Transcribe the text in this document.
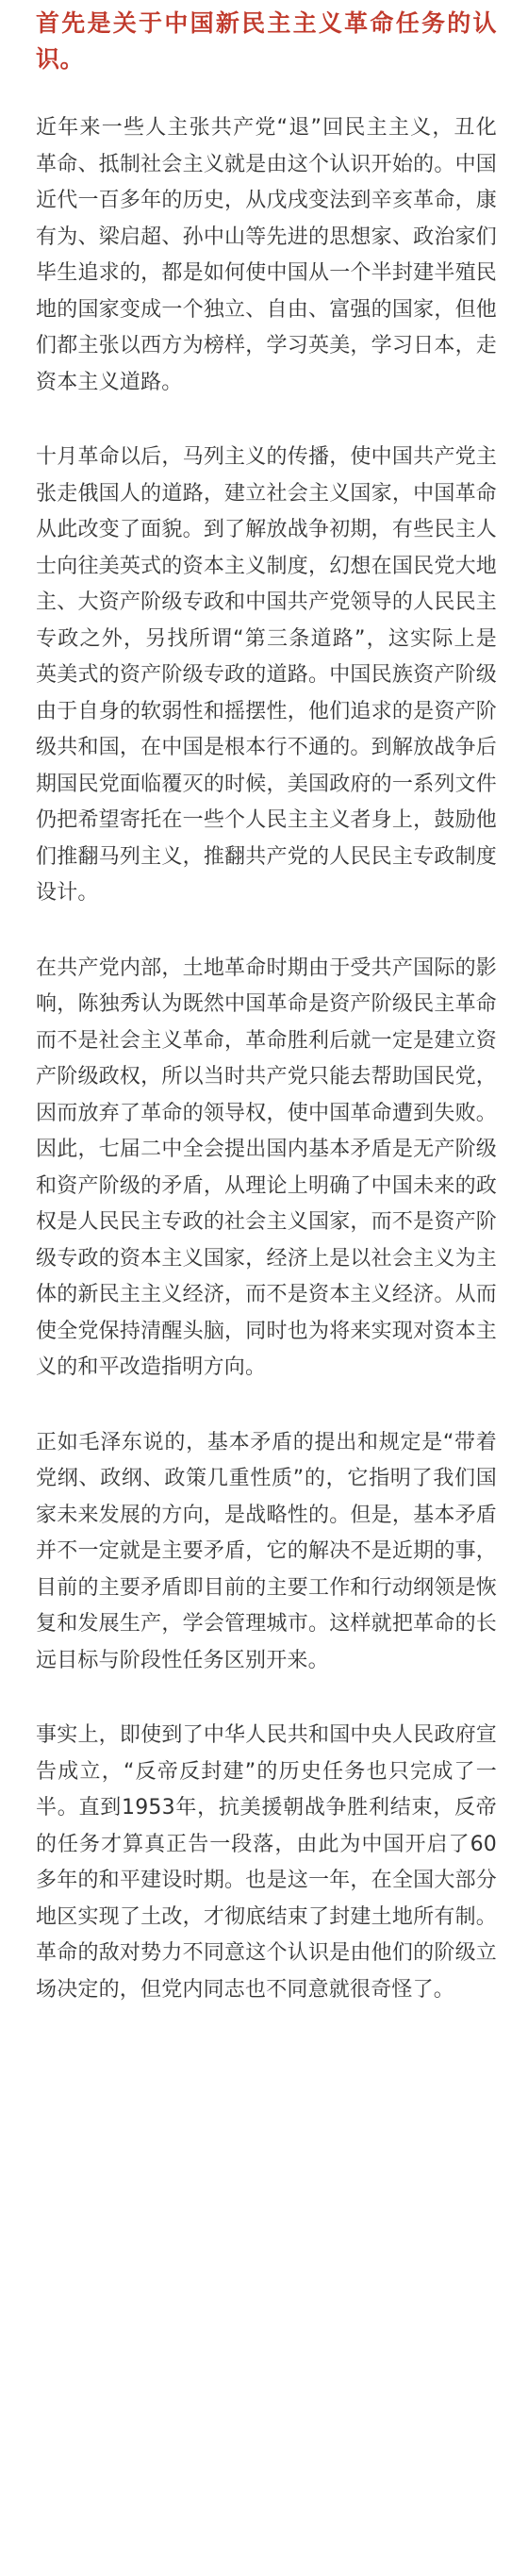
首先是关于中国新民主主义革命任务的认识。

近年来一些人主张共产党“退”回民主主义，丑化革命、抵制社会主义就是由这个认识开始的。中国近代一百多年的历史，从戊戌变法到辛亥革命，康有为、梁启超、孙中山等先进的思想家、政治家们毕生追求的，都是如何使中国从一个半封建半殖民地的国家变成一个独立、自由、富强的国家，但他们都主张以西方为榜样，学习英美，学习日本，走资本主义道路。

十月革命以后，马列主义的传播，使中国共产党主张走俄国人的道路，建立社会主义国家，中国革命从此改变了面貌。到了解放战争初期，有些民主人士向往美英式的资本主义制度，幻想在国民党大地主、大资产阶级专政和中国共产党领导的人民民主专政之外，另找所谓“第三条道路”，这实际上是英美式的资产阶级专政的道路。中国民族资产阶级由于自身的软弱性和摇摆性，他们追求的是资产阶级共和国，在中国是根本行不通的。到解放战争后期国民党面临覆灭的时候，美国政府的一系列文件仍把希望寄托在一些个人民主主义者身上，鼓励他们推翻马列主义，推翻共产党的人民民主专政制度设计。

在共产党内部，土地革命时期由于受共产国际的影响，陈独秀认为既然中国革命是资产阶级民主革命而不是社会主义革命，革命胜利后就一定是建立资产阶级政权，所以当时共产党只能去帮助国民党，因而放弃了革命的领导权，使中国革命遭到失败。因此，七届二中全会提出国内基本矛盾是无产阶级和资产阶级的矛盾，从理论上明确了中国未来的政权是人民民主专政的社会主义国家，而不是资产阶级专政的资本主义国家，经济上是以社会主义为主体的新民主主义经济，而不是资本主义经济。从而使全党保持清醒头脑，同时也为将来实现对资本主义的和平改造指明方向。

正如毛泽东说的，基本矛盾的提出和规定是“带着党纲、政纲、政策几重性质”的，它指明了我们国家未来发展的方向，是战略性的。但是，基本矛盾并不一定就是主要矛盾，它的解决不是近期的事，目前的主要矛盾即目前的主要工作和行动纲领是恢复和发展生产，学会管理城市。这样就把革命的长远目标与阶段性任务区别开来。

事实上，即使到了中华人民共和国中央人民政府宣告成立，“反帝反封建”的历史任务也只完成了一半。直到1953年，抗美援朝战争胜利结束，反帝的任务才算真正告一段落，由此为中国开启了60多年的和平建设时期。也是这一年，在全国大部分地区实现了土改，才彻底结束了封建土地所有制。革命的敌对势力不同意这个认识是由他们的阶级立场决定的，但党内同志也不同意就很奇怪了。
